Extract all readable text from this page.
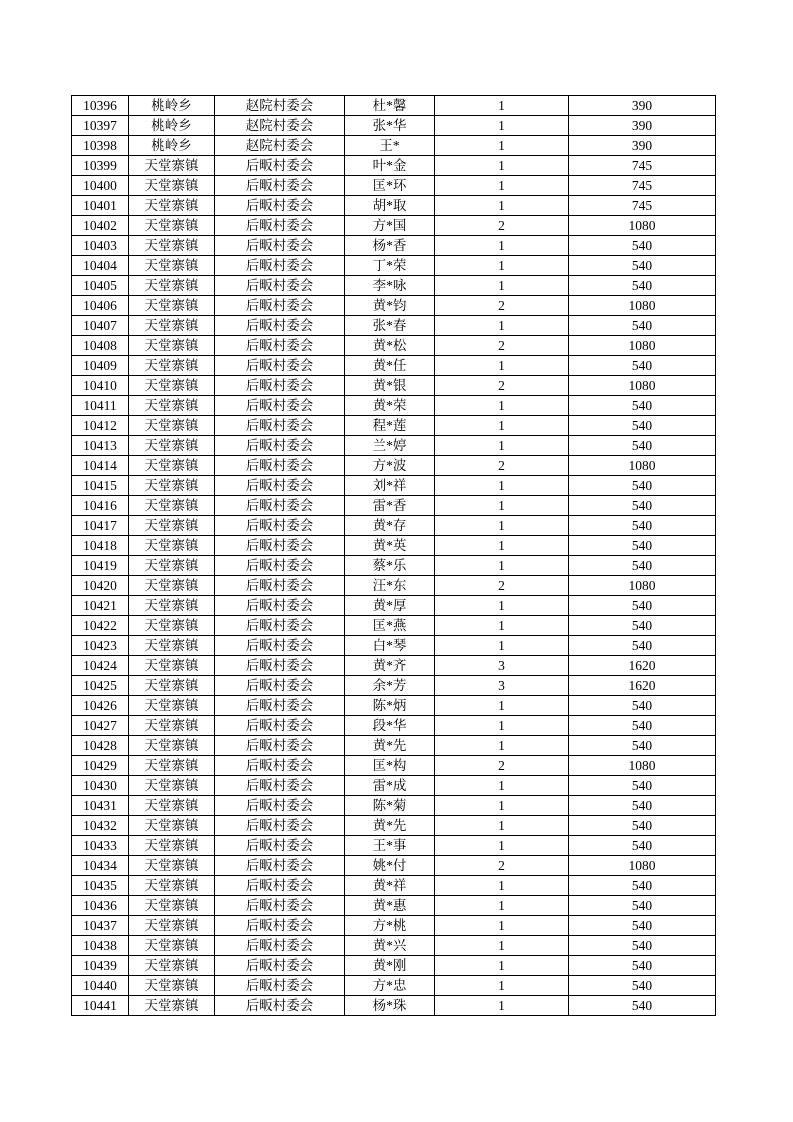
10396	桃岭乡	赵院村委会	杜*馨	1	390
10397	桃岭乡	赵院村委会	张*华	1	390
10398	桃岭乡	赵院村委会	王*	1	390
10399	天堂寨镇	后畈村委会	叶*金	1	745
10400	天堂寨镇	后畈村委会	匡*环	1	745
10401	天堂寨镇	后畈村委会	胡*取	1	745
10402	天堂寨镇	后畈村委会	方*国	2	1080
10403	天堂寨镇	后畈村委会	杨*香	1	540
10404	天堂寨镇	后畈村委会	丁*荣	1	540
10405	天堂寨镇	后畈村委会	李*咏	1	540
10406	天堂寨镇	后畈村委会	黄*钧	2	1080
10407	天堂寨镇	后畈村委会	张*春	1	540
10408	天堂寨镇	后畈村委会	黄*松	2	1080
10409	天堂寨镇	后畈村委会	黄*任	1	540
10410	天堂寨镇	后畈村委会	黄*银	2	1080
10411	天堂寨镇	后畈村委会	黄*荣	1	540
10412	天堂寨镇	后畈村委会	程*莲	1	540
10413	天堂寨镇	后畈村委会	兰*婷	1	540
10414	天堂寨镇	后畈村委会	方*波	2	1080
10415	天堂寨镇	后畈村委会	刘*祥	1	540
10416	天堂寨镇	后畈村委会	雷*香	1	540
10417	天堂寨镇	后畈村委会	黄*存	1	540
10418	天堂寨镇	后畈村委会	黄*英	1	540
10419	天堂寨镇	后畈村委会	蔡*乐	1	540
10420	天堂寨镇	后畈村委会	汪*东	2	1080
10421	天堂寨镇	后畈村委会	黄*厚	1	540
10422	天堂寨镇	后畈村委会	匡*燕	1	540
10423	天堂寨镇	后畈村委会	白*琴	1	540
10424	天堂寨镇	后畈村委会	黄*齐	3	1620
10425	天堂寨镇	后畈村委会	余*芳	3	1620
10426	天堂寨镇	后畈村委会	陈*炳	1	540
10427	天堂寨镇	后畈村委会	段*华	1	540
10428	天堂寨镇	后畈村委会	黄*先	1	540
10429	天堂寨镇	后畈村委会	匡*构	2	1080
10430	天堂寨镇	后畈村委会	雷*成	1	540
10431	天堂寨镇	后畈村委会	陈*菊	1	540
10432	天堂寨镇	后畈村委会	黄*先	1	540
10433	天堂寨镇	后畈村委会	王*事	1	540
10434	天堂寨镇	后畈村委会	姚*付	2	1080
10435	天堂寨镇	后畈村委会	黄*祥	1	540
10436	天堂寨镇	后畈村委会	黄*惠	1	540
10437	天堂寨镇	后畈村委会	方*桃	1	540
10438	天堂寨镇	后畈村委会	黄*兴	1	540
10439	天堂寨镇	后畈村委会	黄*刚	1	540
10440	天堂寨镇	后畈村委会	方*忠	1	540
10441	天堂寨镇	后畈村委会	杨*珠	1	540
